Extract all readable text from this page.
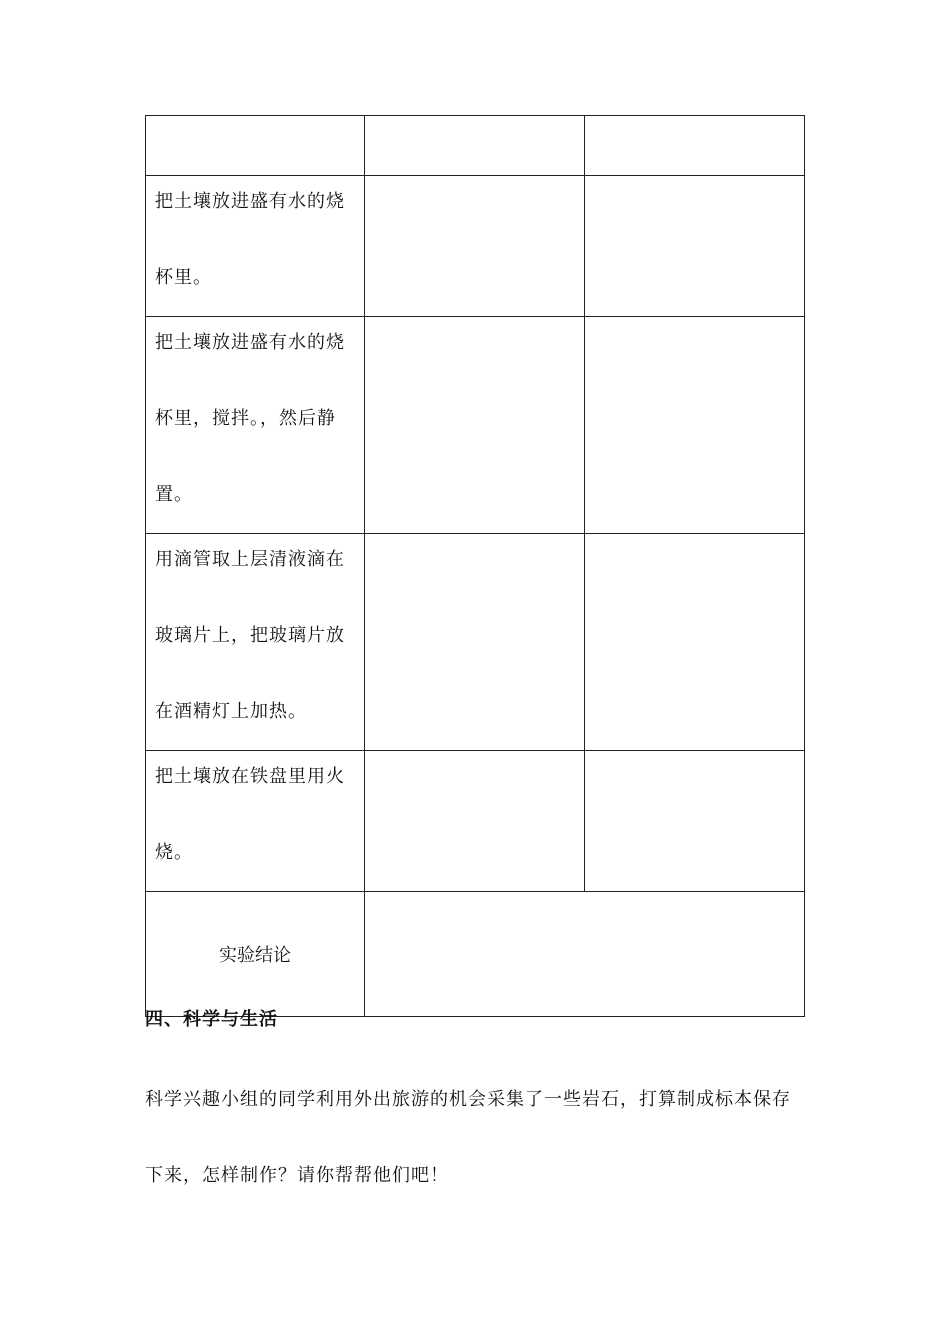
把土壤放进盛有水的烧杯里。		

把土壤放进盛有水的烧杯里，搅拌。，然后静置。		

用滴管取上层清液滴在玻璃片上，把玻璃片放在酒精灯上加热。		

把土壤放在铁盘里用火烧。		

实验结论		
四、科学与生活

科学兴趣小组的同学利用外出旅游的机会采集了一些岩石，打算制成标本保存

下来，怎样制作？请你帮帮他们吧！
